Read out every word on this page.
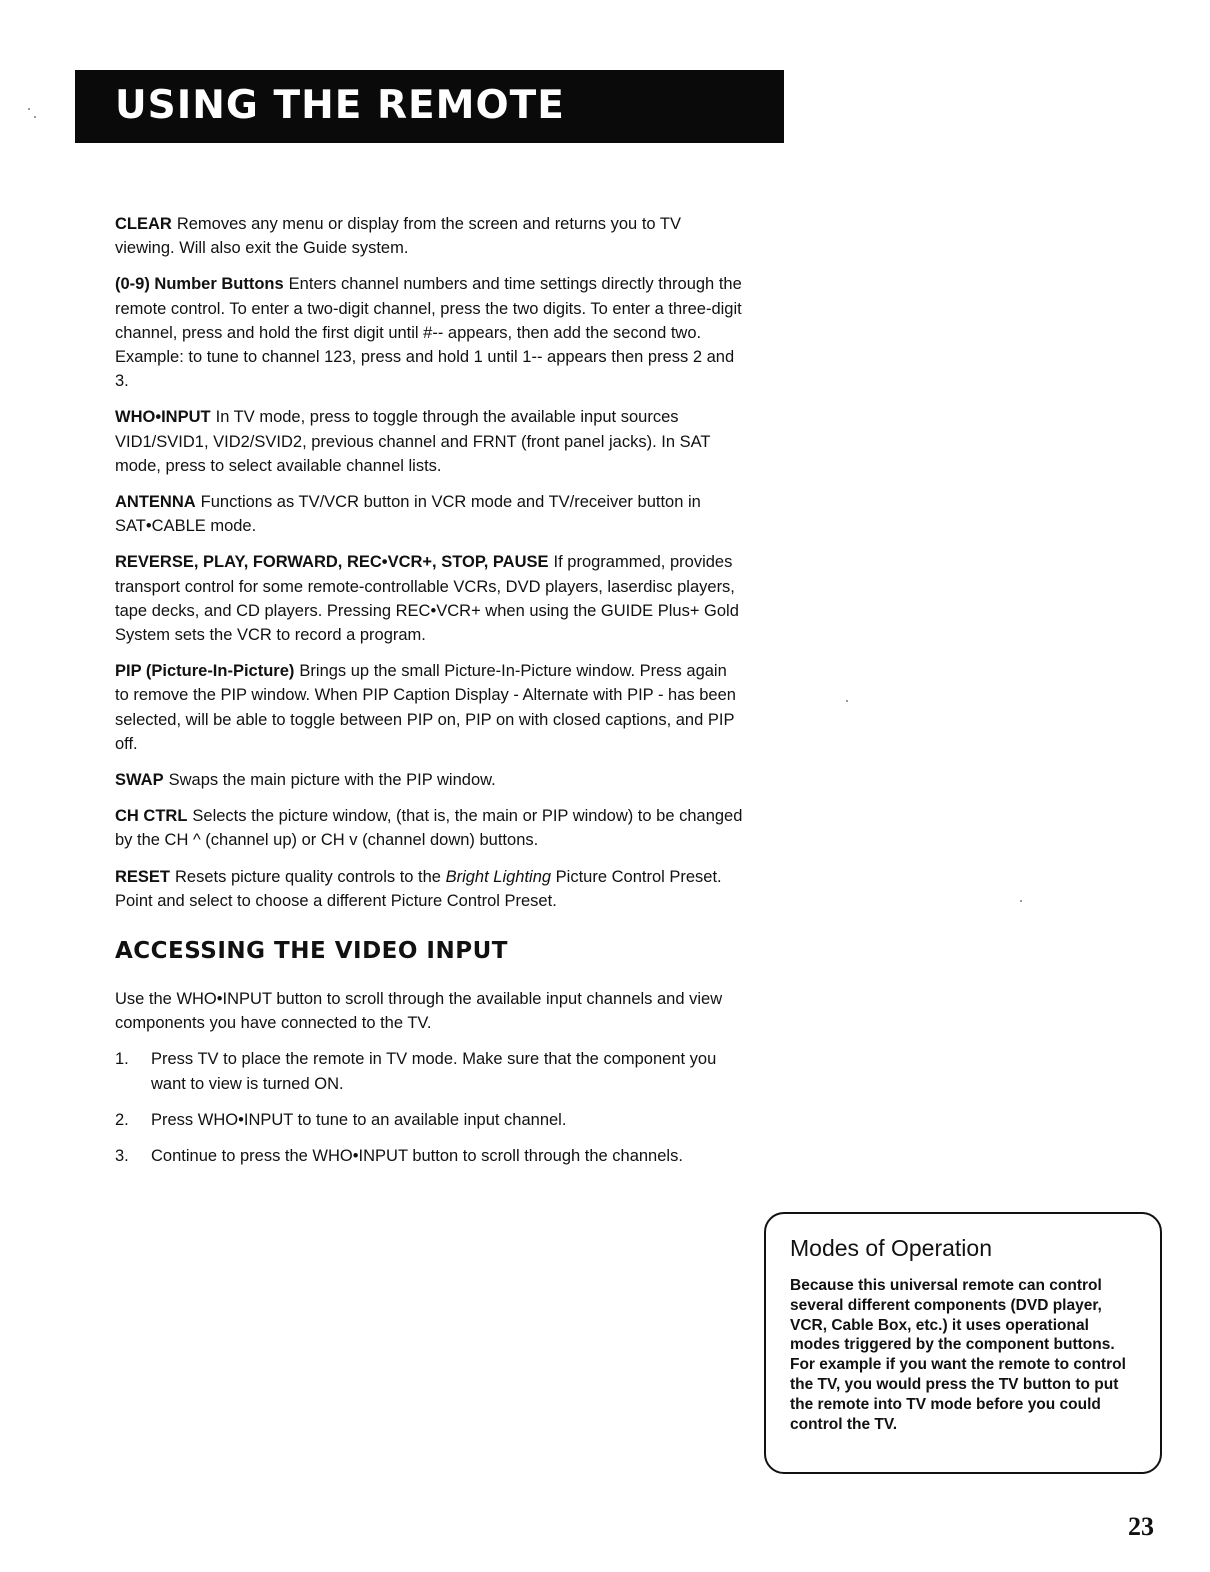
USING THE REMOTE

CLEAR Removes any menu or display from the screen and returns you to TV viewing. Will also exit the Guide system.

(0-9) Number Buttons Enters channel numbers and time settings directly through the remote control. To enter a two-digit channel, press the two digits. To enter a three-digit channel, press and hold the first digit until #-- appears, then add the second two. Example: to tune to channel 123, press and hold 1 until 1-- appears then press 2 and 3.

WHO•INPUT In TV mode, press to toggle through the available input sources VID1/SVID1, VID2/SVID2, previous channel and FRNT (front panel jacks). In SAT mode, press to select available channel lists.

ANTENNA Functions as TV/VCR button in VCR mode and TV/receiver button in SAT•CABLE mode.

REVERSE, PLAY, FORWARD, REC•VCR+, STOP, PAUSE If programmed, provides transport control for some remote-controllable VCRs, DVD players, laserdisc players, tape decks, and CD players. Pressing REC•VCR+ when using the GUIDE Plus+ Gold System sets the VCR to record a program.

PIP (Picture-In-Picture) Brings up the small Picture-In-Picture window. Press again to remove the PIP window. When PIP Caption Display - Alternate with PIP - has been selected, will be able to toggle between PIP on, PIP on with closed captions, and PIP off.

SWAP Swaps the main picture with the PIP window.

CH CTRL Selects the picture window, (that is, the main or PIP window) to be changed by the CH ^ (channel up) or CH v (channel down) buttons.

RESET Resets picture quality controls to the Bright Lighting Picture Control Preset. Point and select to choose a different Picture Control Preset.

ACCESSING THE VIDEO INPUT

Use the WHO•INPUT button to scroll through the available input channels and view components you have connected to the TV.

1. Press TV to place the remote in TV mode. Make sure that the component you want to view is turned ON.
2. Press WHO•INPUT to tune to an available input channel.
3. Continue to press the WHO•INPUT button to scroll through the channels.
Modes of Operation

Because this universal remote can control several different components (DVD player, VCR, Cable Box, etc.) it uses operational modes triggered by the component buttons. For example if you want the remote to control the TV, you would press the TV button to put the remote into TV mode before you could control the TV.

23
